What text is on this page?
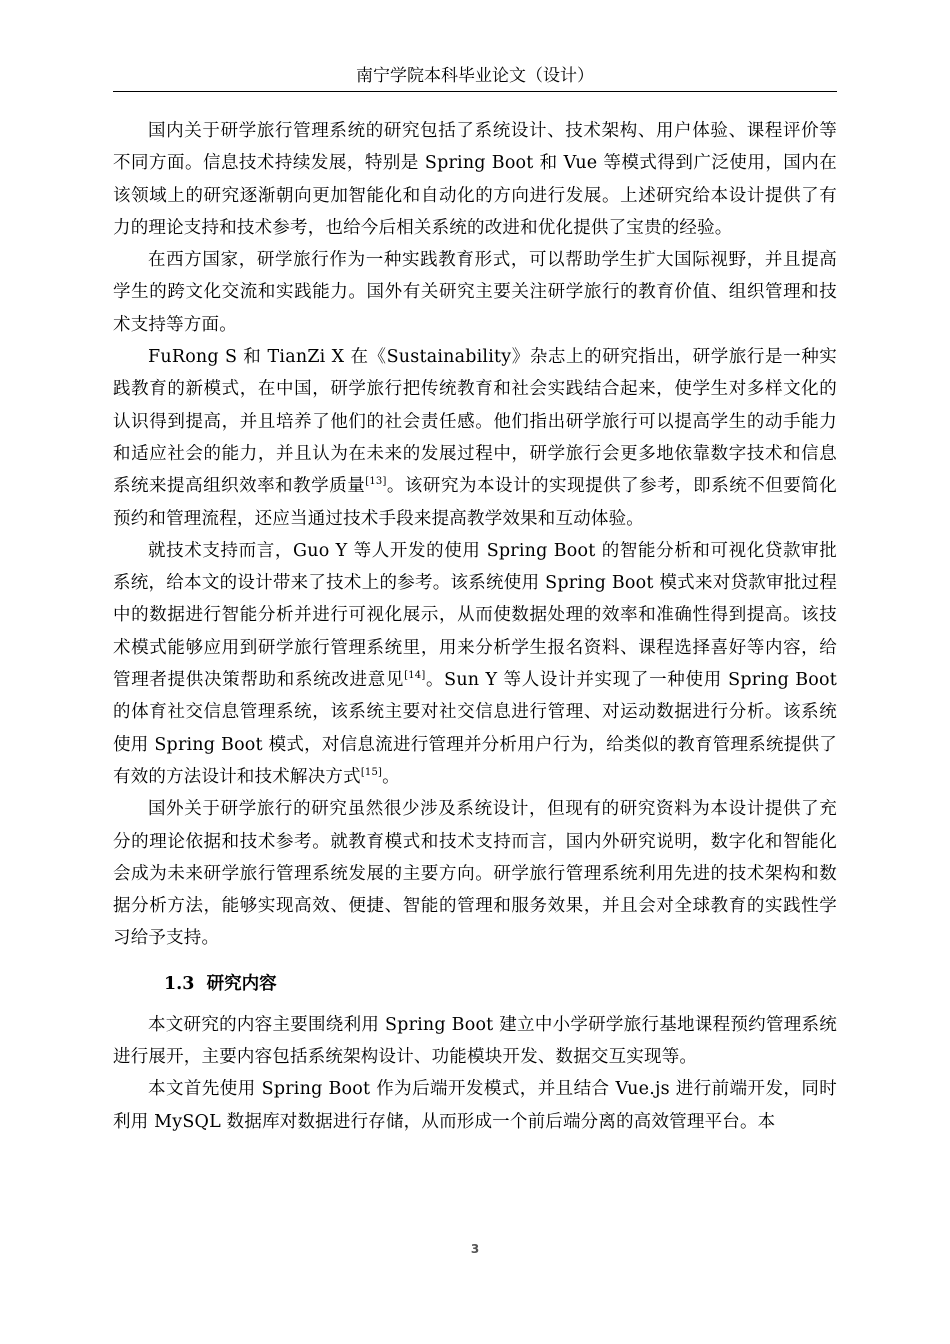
南宁学院本科毕业论文（设计）

国内关于研学旅行管理系统的研究包括了系统设计、技术架构、用户体验、课程评价等不同方面。信息技术持续发展，特别是 Spring Boot 和 Vue 等模式得到广泛使用，国内在该领域上的研究逐渐朝向更加智能化和自动化的方向进行发展。上述研究给本设计提供了有力的理论支持和技术参考，也给今后相关系统的改进和优化提供了宝贵的经验。

在西方国家，研学旅行作为一种实践教育形式，可以帮助学生扩大国际视野，并且提高学生的跨文化交流和实践能力。国外有关研究主要关注研学旅行的教育价值、组织管理和技术支持等方面。

FuRong S 和 TianZi X 在《Sustainability》杂志上的研究指出，研学旅行是一种实践教育的新模式，在中国，研学旅行把传统教育和社会实践结合起来，使学生对多样文化的认识得到提高，并且培养了他们的社会责任感。他们指出研学旅行可以提高学生的动手能力和适应社会的能力，并且认为在未来的发展过程中，研学旅行会更多地依靠数字技术和信息系统来提高组织效率和教学质量[13]。该研究为本设计的实现提供了参考，即系统不但要简化预约和管理流程，还应当通过技术手段来提高教学效果和互动体验。

就技术支持而言，Guo Y 等人开发的使用 Spring Boot 的智能分析和可视化贷款审批系统，给本文的设计带来了技术上的参考。该系统使用 Spring Boot 模式来对贷款审批过程中的数据进行智能分析并进行可视化展示，从而使数据处理的效率和准确性得到提高。该技术模式能够应用到研学旅行管理系统里，用来分析学生报名资料、课程选择喜好等内容，给管理者提供决策帮助和系统改进意见[14]。Sun Y 等人设计并实现了一种使用 Spring Boot 的体育社交信息管理系统，该系统主要对社交信息进行管理、对运动数据进行分析。该系统使用 Spring Boot 模式，对信息流进行管理并分析用户行为，给类似的教育管理系统提供了有效的方法设计和技术解决方式[15]。

国外关于研学旅行的研究虽然很少涉及系统设计，但现有的研究资料为本设计提供了充分的理论依据和技术参考。就教育模式和技术支持而言，国内外研究说明，数字化和智能化会成为未来研学旅行管理系统发展的主要方向。研学旅行管理系统利用先进的技术架构和数据分析方法，能够实现高效、便捷、智能的管理和服务效果，并且会对全球教育的实践性学习给予支持。

1.3 研究内容

本文研究的内容主要围绕利用 Spring Boot 建立中小学研学旅行基地课程预约管理系统进行展开，主要内容包括系统架构设计、功能模块开发、数据交互实现等。

本文首先使用 Spring Boot 作为后端开发模式，并且结合 Vue.js 进行前端开发，同时利用 MySQL 数据库对数据进行存储，从而形成一个前后端分离的高效管理平台。本

3
